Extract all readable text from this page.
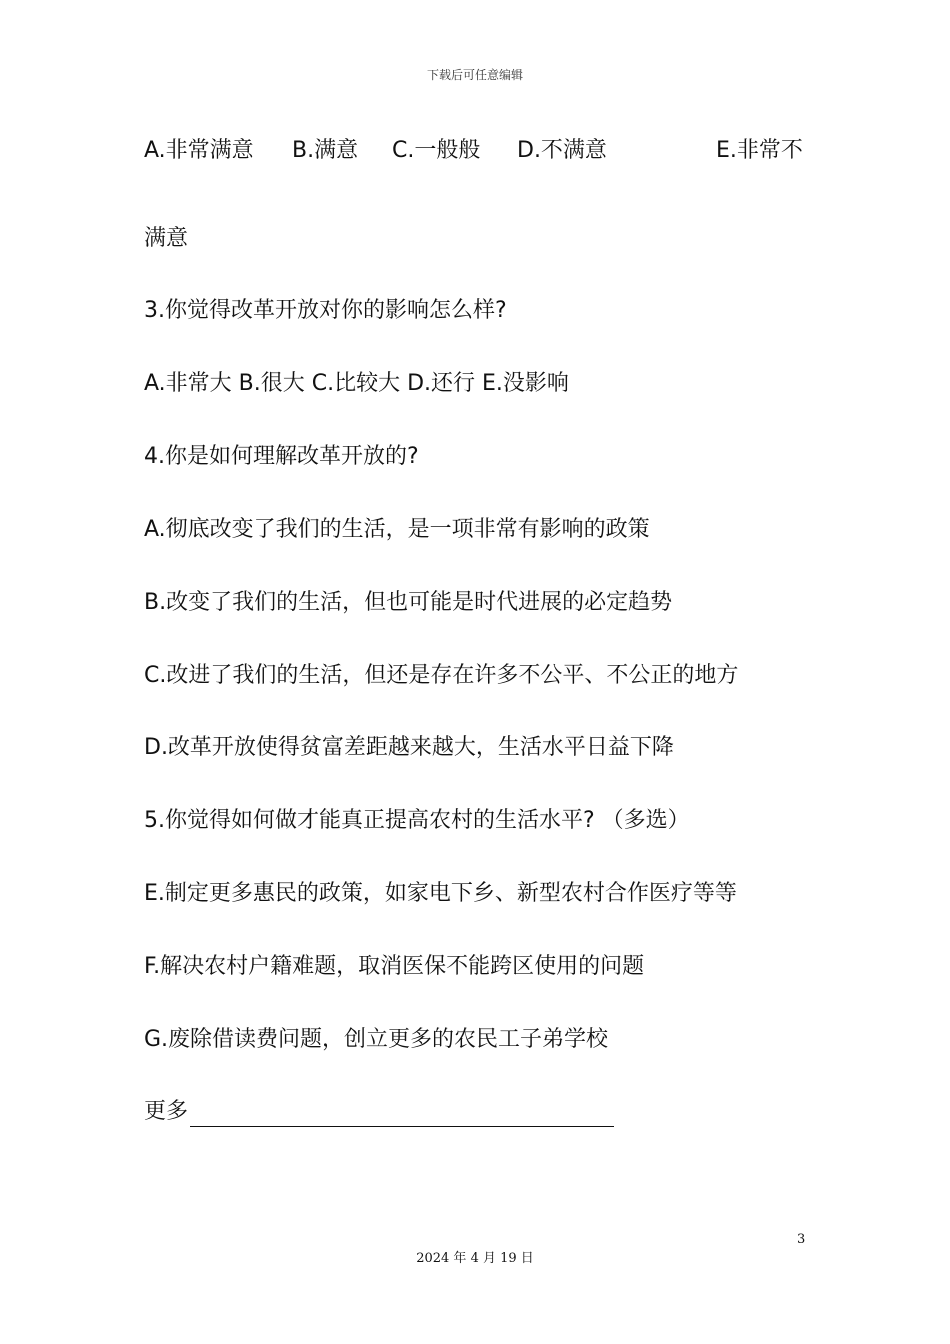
下载后可任意编辑
A.非常满意 B.满意 C.一般般 D.不满意	E.非常不
满意
3.你觉得改革开放对你的影响怎么样?
A.非常大 B.很大 C.比较大 D.还行 E.没影响
4.你是如何理解改革开放的?
A.彻底改变了我们的生活，是一项非常有影响的政策
B.改变了我们的生活，但也可能是时代进展的必定趋势
C.改进了我们的生活，但还是存在许多不公平、不公正的地方
D.改革开放使得贫富差距越来越大，生活水平日益下降
5.你觉得如何做才能真正提高农村的生活水平? （多选）
E.制定更多惠民的政策，如家电下乡、新型农村合作医疗等等
F.解决农村户籍难题，取消医保不能跨区使用的问题
G.废除借读费问题，创立更多的农民工子弟学校
更多
3
2024 年 4 月 19 日
